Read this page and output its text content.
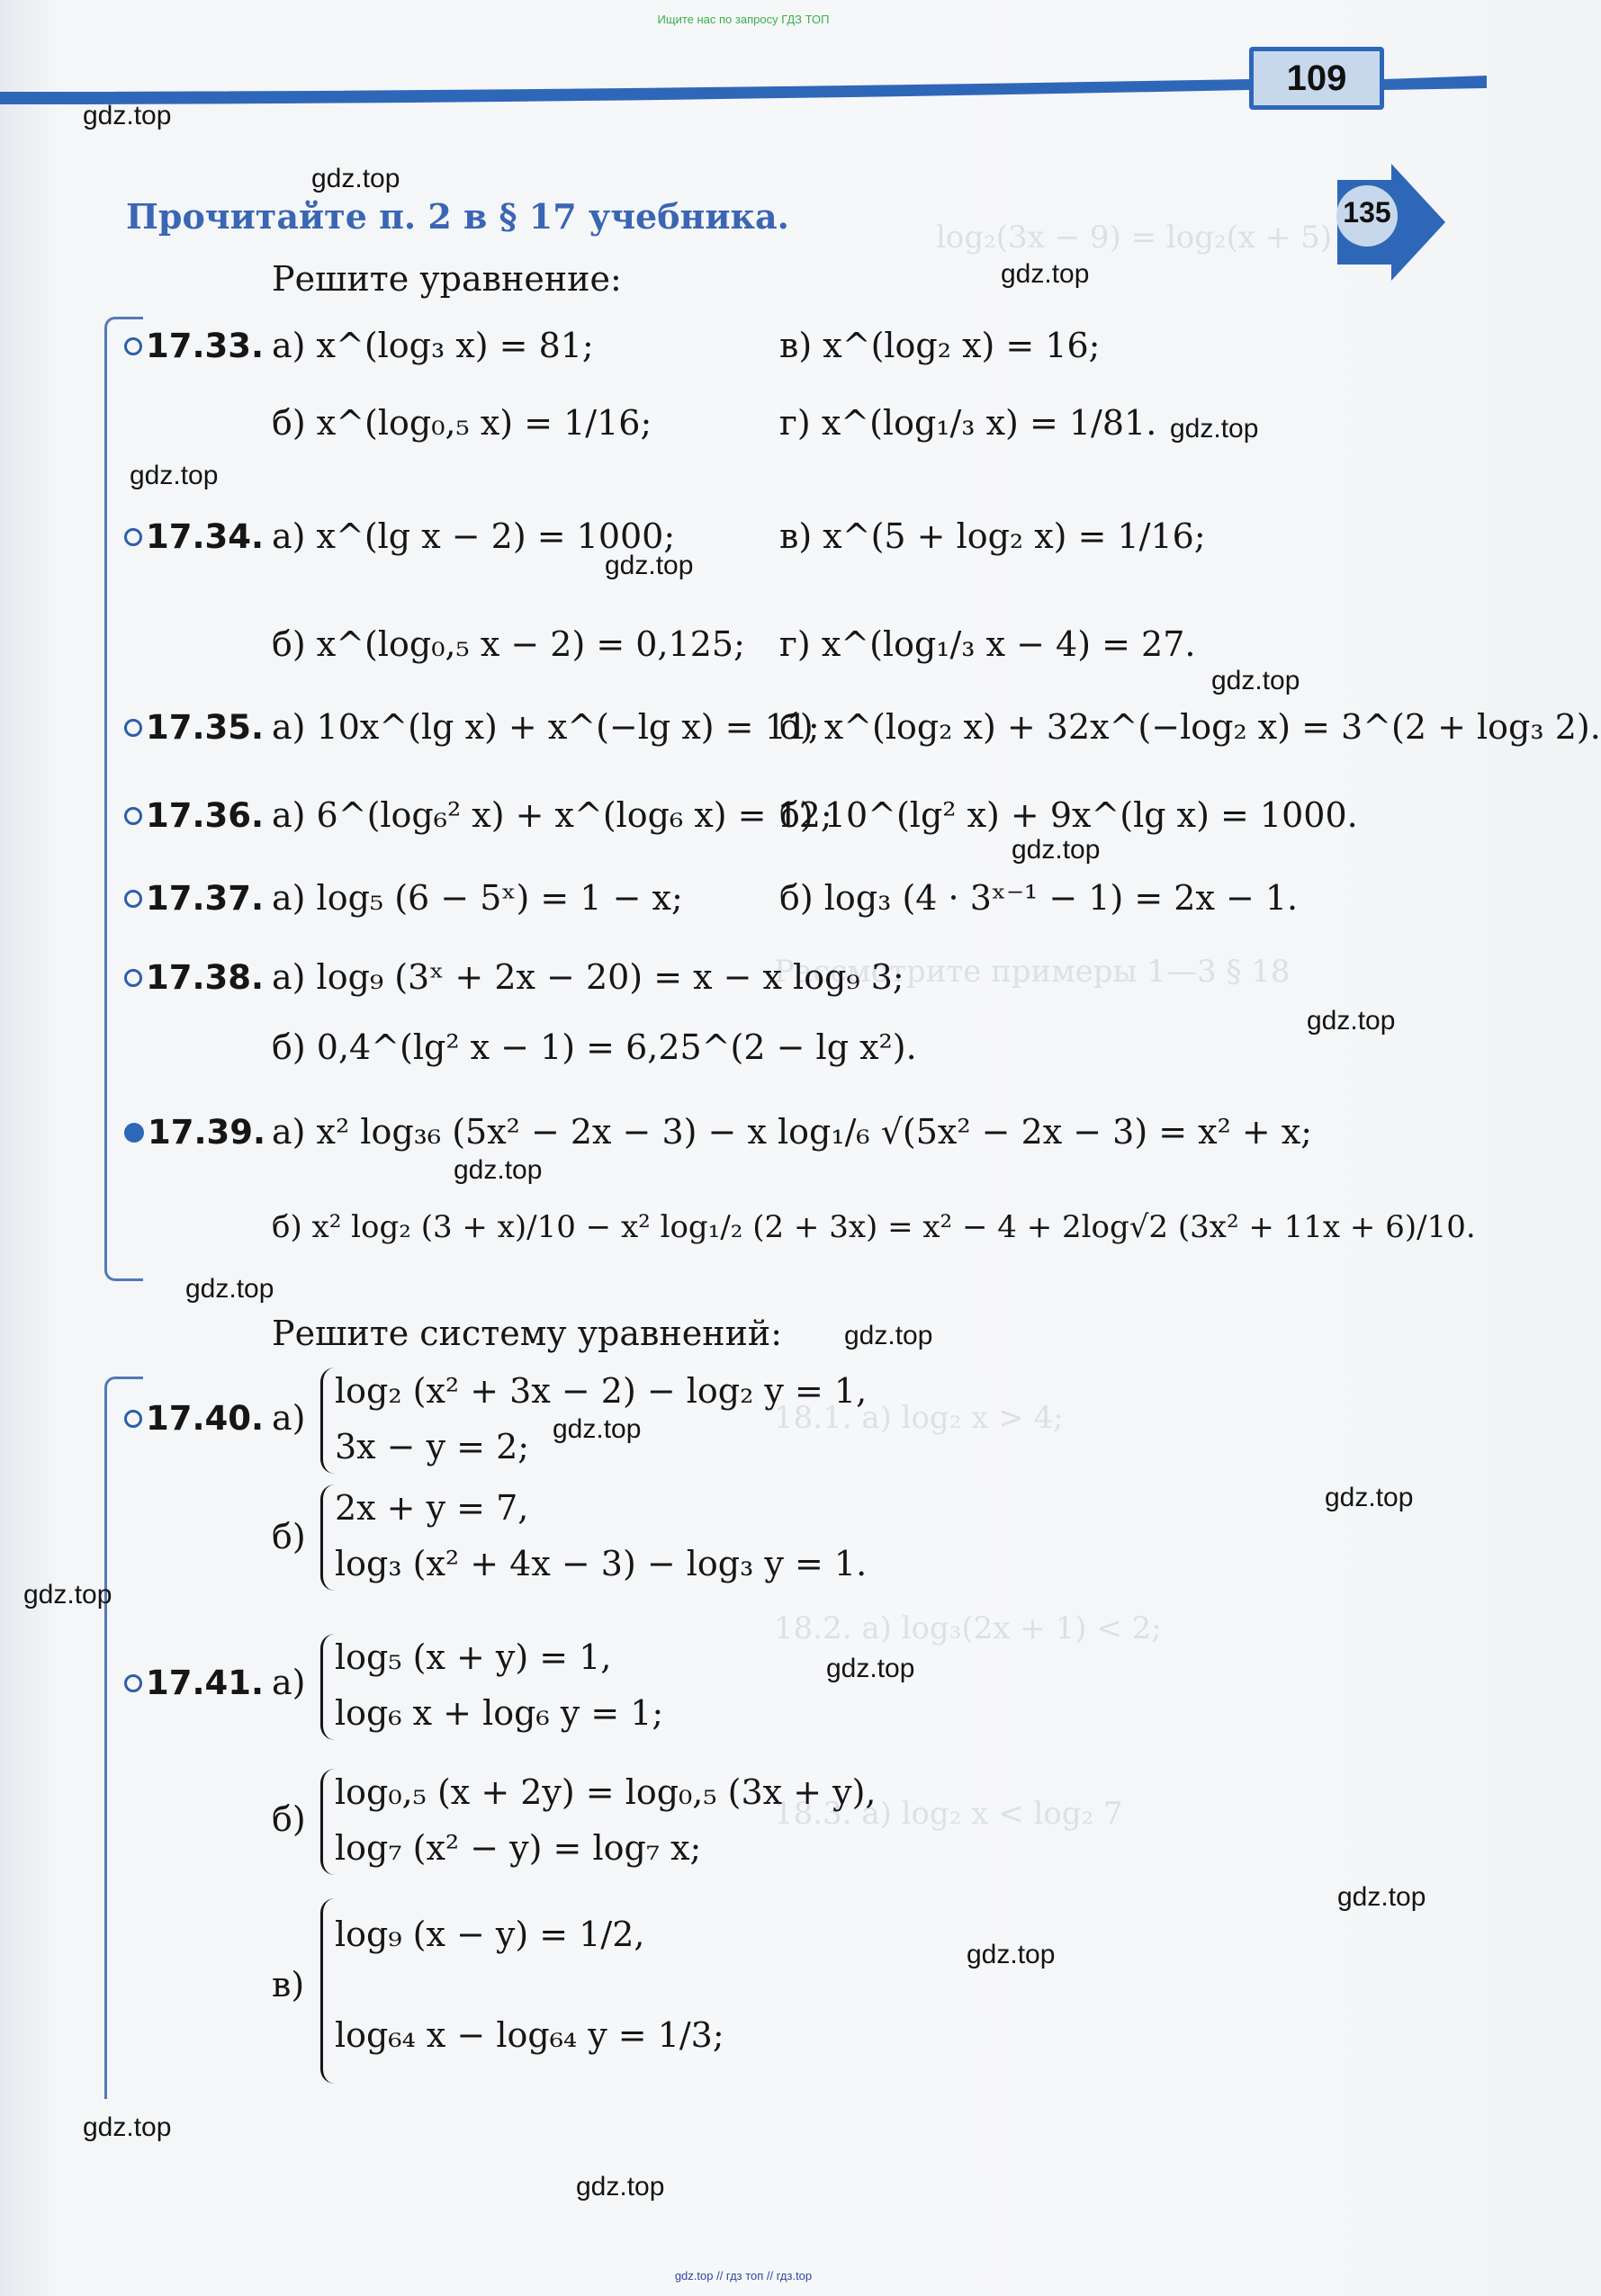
Ищите нас по запросу ГДЗ ТОП
109
135
log₂(3x − 9) = log₂(x + 5)
Рассмотрите примеры 1—3 § 18
18.1. а) log₂ x > 4;
18.2. а) log₃(2x + 1) < 2;
18.3. а) log₂ x < log₂ 7
Прочитайте п. 2 в § 17 учебника.
Решите уравнение:
17.33. а) x^(log₃ x) = 81;	в) x^(log₂ x) = 16;
б) x^(log₀,₅ x) = 1/16;	г) x^(log₁/₃ x) = 1/81.
17.34. а) x^(lg x − 2) = 1000;	в) x^(5 + log₂ x) = 1/16;
б) x^(log₀,₅ x − 2) = 0,125; г) x^(log₁/₃ x − 4) = 27.
17.35. а) 10x^(lg x) + x^(−lg x) = 11;
б) x^(log₂ x) + 32x^(−log₂ x) = 3^(2 + log₃ 2).
17.36. а) 6^(log₆² x) + x^(log₆ x) = 12;
б) 10^(lg² x) + 9x^(lg x) = 1000.
17.37. а) log₅ (6 − 5ˣ) = 1 − x;	б) log₃ (4 · 3ˣ⁻¹ − 1) = 2x − 1.
17.38. а) log₉ (3ˣ + 2x − 20) = x − x log₉ 3;
б) 0,4^(lg² x − 1) = 6,25^(2 − lg x²).
17.39. а) x² log₃₆ (5x² − 2x − 3) − x log₁/₆ √(5x² − 2x − 3) = x² + x;
б) x² log₂ (3 + x)/10 − x² log₁/₂ (2 + 3x) = x² − 4 + 2log√2 (3x² + 11x + 6)/10.
Решите систему уравнений:
17.40. а)
log₂ (x² + 3x − 2) − log₂ y = 1,
3x − y = 2;
б)
2x + y = 7,
log₃ (x² + 4x − 3) − log₃ y = 1.
17.41. а)
log₅ (x + y) = 1,
log₆ x + log₆ y = 1;
б)
log₀,₅ (x + 2y) = log₀,₅ (3x + y),
log₇ (x² − y) = log₇ x;
в)
log₉ (x − y) = 1/2,
log₆₄ x − log₆₄ y = 1/3;
gdz.top
gdz.top
gdz.top
gdz.top
gdz.top
gdz.top
gdz.top
gdz.top
gdz.top
gdz.top
gdz.top
gdz.top
gdz.top
gdz.top
gdz.top
gdz.top
gdz.top
gdz.top
gdz.top
gdz.top
gdz.top // гдз топ // гдз.top
